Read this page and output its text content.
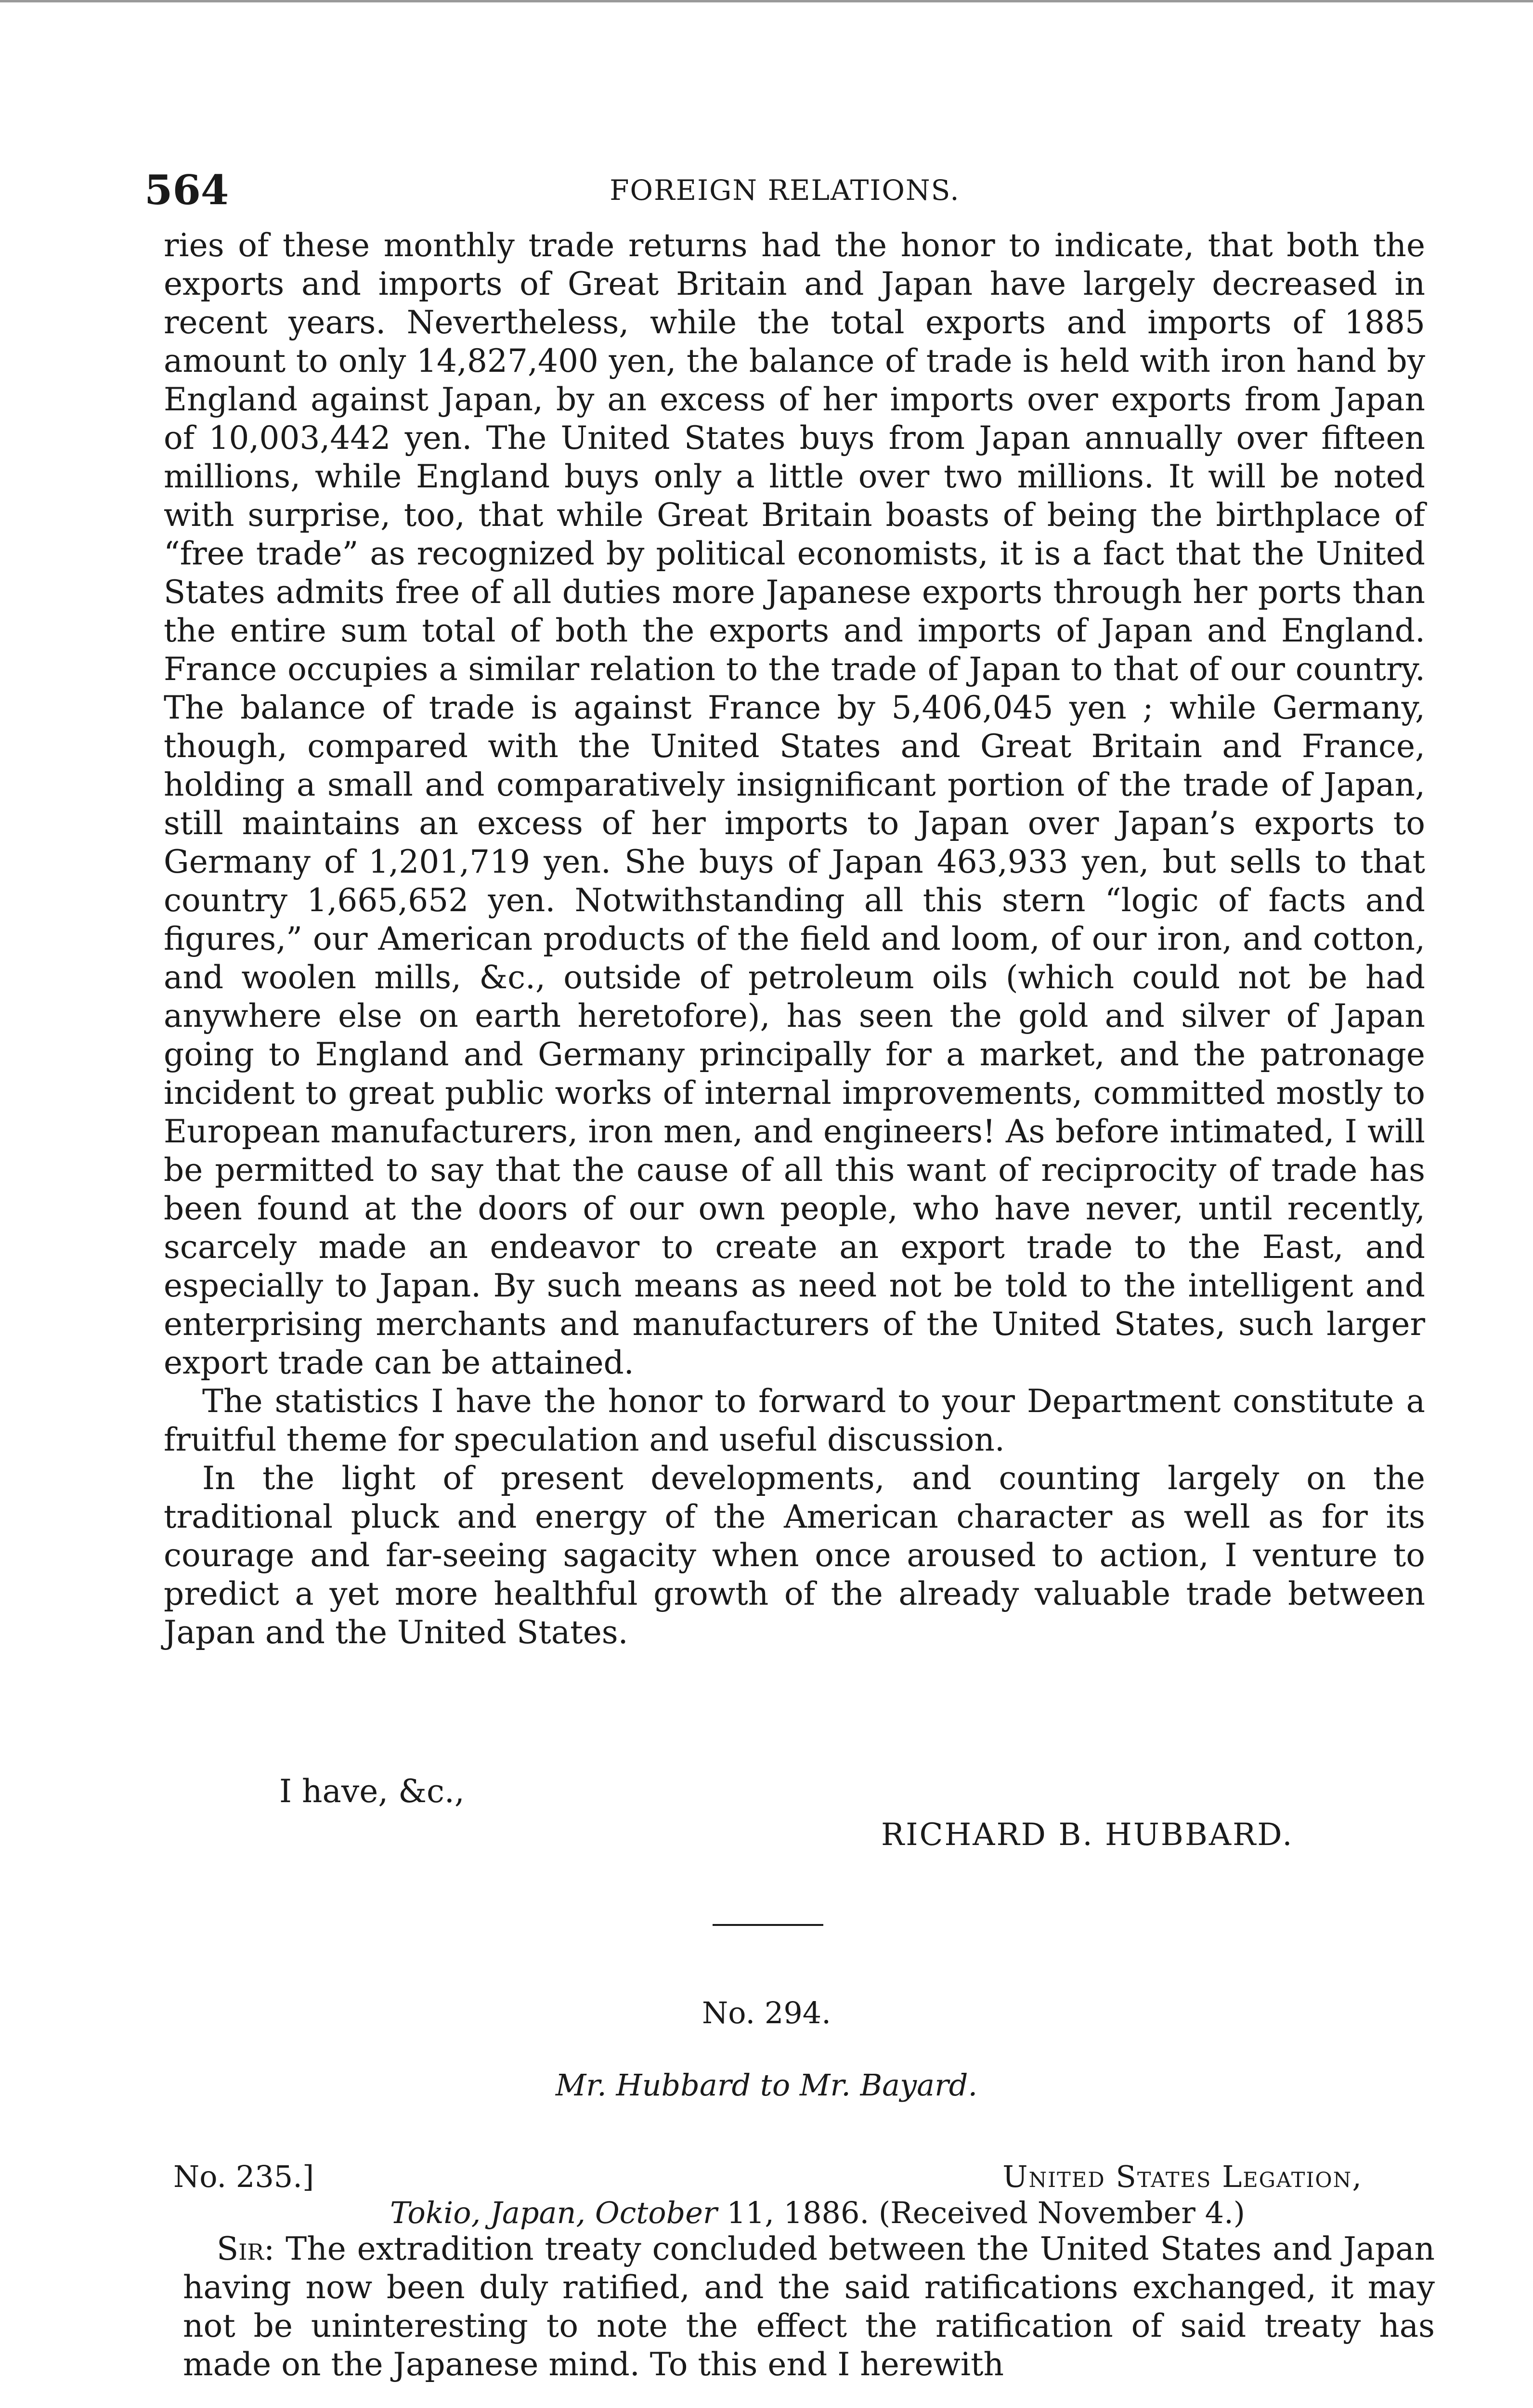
564	FOREIGN RELATIONS.

ries of these monthly trade returns had the honor to indicate, that both the exports and imports of Great Britain and Japan have largely decreased in recent years. Nevertheless, while the total exports and imports of 1885 amount to only 14,827,400 yen, the balance of trade is held with iron hand by England against Japan, by an excess of her imports over exports from Japan of 10,003,442 yen. The United States buys from Japan annually over fifteen millions, while England buys only a little over two millions. It will be noted with surprise, too, that while Great Britain boasts of being the birthplace of “free trade” as recognized by political economists, it is a fact that the United States admits free of all duties more Japanese exports through her ports than the entire sum total of both the exports and imports of Japan and England. France occupies a similar relation to the trade of Japan to that of our country. The balance of trade is against France by 5,406,045 yen ; while Germany, though, compared with the United States and Great Britain and France, holding a small and comparatively insignificant portion of the trade of Japan, still maintains an excess of her imports to Japan over Japan’s exports to Germany of 1,201,719 yen. She buys of Japan 463,933 yen, but sells to that country 1,665,652 yen. Notwithstanding all this stern “logic of facts and figures,” our American products of the field and loom, of our iron, and cotton, and woolen mills, &c., outside of petroleum oils (which could not be had anywhere else on earth heretofore), has seen the gold and silver of Japan going to England and Germany principally for a market, and the patronage incident to great public works of internal improvements, committed mostly to European manufacturers, iron men, and engineers! As before intimated, I will be permitted to say that the cause of all this want of reciprocity of trade has been found at the doors of our own people, who have never, until recently, scarcely made an endeavor to create an export trade to the East, and especially to Japan. By such means as need not be told to the intelligent and enterprising merchants and manufacturers of the United States, such larger export trade can be attained.

The statistics I have the honor to forward to your Department constitute a fruitful theme for speculation and useful discussion.

In the light of present developments, and counting largely on the traditional pluck and energy of the American character as well as for its courage and far-seeing sagacity when once aroused to action, I venture to predict a yet more healthful growth of the already valuable trade between Japan and the United States.

I have, &c.,
RICHARD B. HUBBARD.
No. 294.
Mr. Hubbard to Mr. Bayard.
No. 235.]	United States Legation,
Tokio, Japan, October 11, 1886. (Received November 4.)

Sir: The extradition treaty concluded between the United States and Japan having now been duly ratified, and the said ratifications exchanged, it may not be uninteresting to note the effect the ratification of said treaty has made on the Japanese mind. To this end I herewith
